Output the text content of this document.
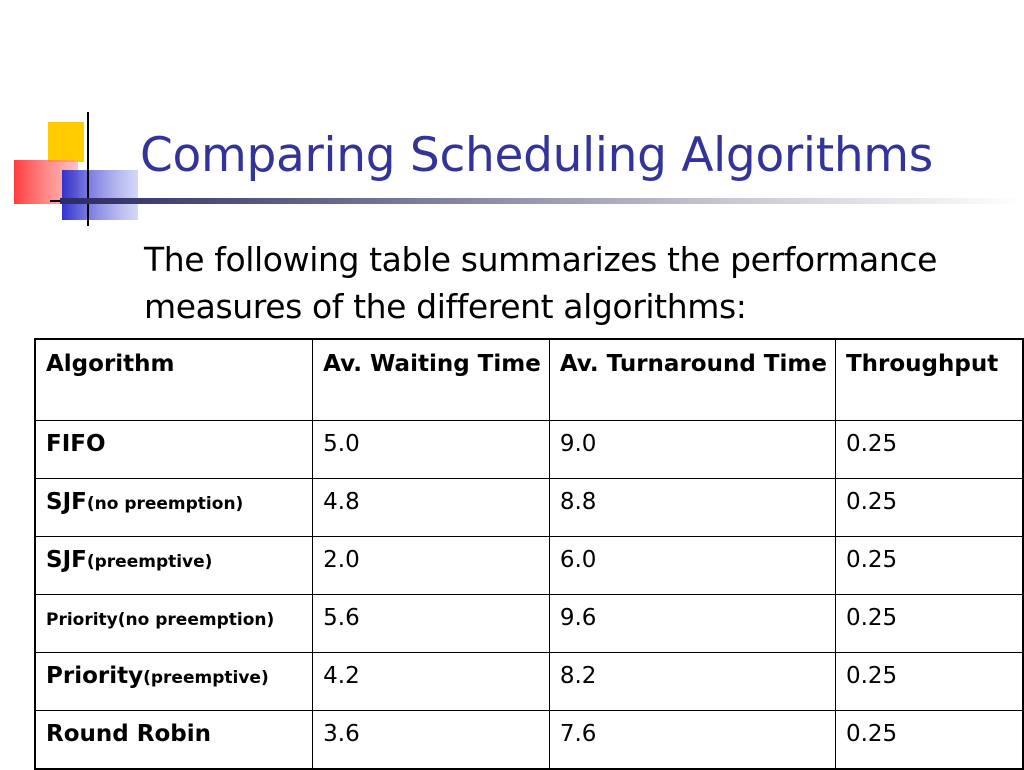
Comparing Scheduling Algorithms

The following table summarizes the performance measures of the different algorithms:

Algorithm	Av. Waiting Time	Av. Turnaround Time	Throughput
FIFO	5.0	9.0	0.25
SJF(no preemption)	4.8	8.8	0.25
SJF(preemptive)	2.0	6.0	0.25
Priority(no preemption)	5.6	9.6	0.25
Priority(preemptive)	4.2	8.2	0.25
Round Robin	3.6	7.6	0.25
